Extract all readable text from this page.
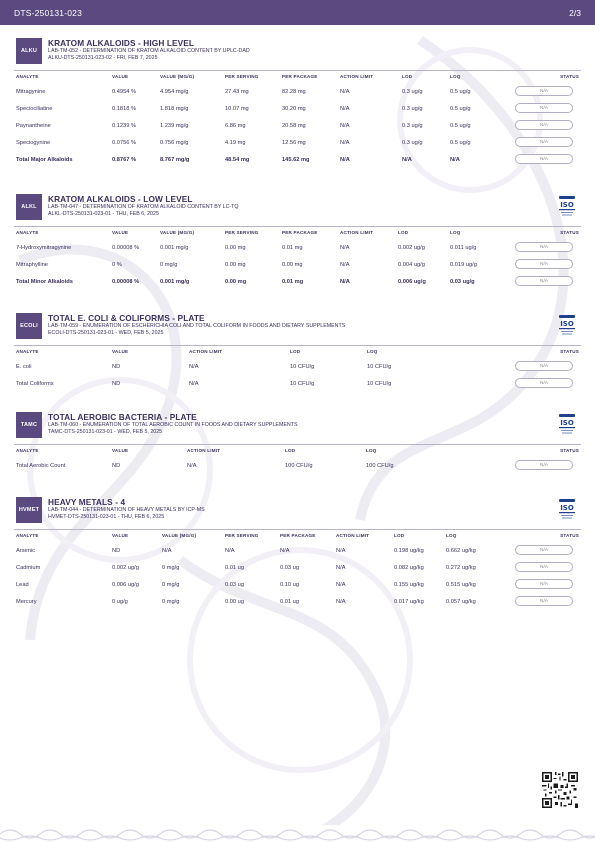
DTS-250131-023	2/3
ALKU
KRATOM ALKALOIDS - HIGH LEVEL
LAB-TM-052 - DETERMINATION OF KRATOM ALKALOID CONTENT BY UPLC-DAD
ALKU-DTS-250131-023-02 - FRI, FEB 7, 2025
ANALYTE	VALUE	VALUE (MG/G)	PER SERVING	PER PACKAGE	ACTION LIMIT	LOD	LOQ	STATUS
Mitragynine	0.4954 %	4.954 mg/g	27.43 mg	82.28 mg	N/A	0.3 ug/g	0.5 ug/g	N/A
Speciociliatine	0.1818 %	1.818 mg/g	10.07 mg	30.20 mg	N/A	0.3 ug/g	0.5 ug/g	N/A
Paynantheine	0.1239 %	1.239 mg/g	6.86 mg	20.58 mg	N/A	0.3 ug/g	0.5 ug/g	N/A
Speciogynine	0.0756 %	0.756 mg/g	4.19 mg	12.56 mg	N/A	0.3 ug/g	0.5 ug/g	N/A
Total Major Alkaloids	0.8767 %	8.767 mg/g	48.54 mg	145.62 mg	N/A	N/A	N/A	N/A
ALKL
KRATOM ALKALOIDS - LOW LEVEL
LAB-TM-047 - DETERMINATION OF KRATOM ALKALOID CONTENT BY LC-TQ
ALKL-DTS-250131-023-01 - THU, FEB 6, 2025
ISO
ANALYTE	VALUE	VALUE (MG/G)	PER SERVING	PER PACKAGE	ACTION LIMIT	LOD	LOQ	STATUS
7-Hydroxymitragynine	0.00008 %	0.001 mg/g	0.00 mg	0.01 mg	N/A	0.002 ug/g	0.011 ug/g	N/A
Mitraphylline	0 %	0 mg/g	0.00 mg	0.00 mg	N/A	0.004 ug/g	0.019 ug/g	N/A
Total Minor Alkaloids	0.00008 %	0.001 mg/g	0.00 mg	0.01 mg	N/A	0.006 ug/g	0.03 ug/g	N/A
ECOLI
TOTAL E. COLI & COLIFORMS - PLATE
LAB-TM-059 - ENUMERATION OF ESCHERICHIA COLI AND TOTAL COLIFORM IN FOODS AND DIETARY SUPPLEMENTS
ECOLI-DTS-250131-023-01 - WED, FEB 5, 2025
ISO
ANALYTE	VALUE	ACTION LIMIT	LOD	LOQ	STATUS
E. coli	ND	N/A	10 CFU/g	10 CFU/g	N/A
Total Coliforms	ND	N/A	10 CFU/g	10 CFU/g	N/A
TAMC
TOTAL AEROBIC BACTERIA - PLATE
LAB-TM-060 - ENUMERATION OF TOTAL AEROBIC COUNT IN FOODS AND DIETARY SUPPLEMENTS
TAMC-DTS-250131-023-01 - WED, FEB 5, 2025
ISO
ANALYTE	VALUE	ACTION LIMIT	LOD	LOQ	STATUS
Total Aerobic Count	ND	N/A	100 CFU/g	100 CFU/g	N/A
HVMET
HEAVY METALS - 4
LAB-TM-044 - DETERMINATION OF HEAVY METALS BY ICP-MS
HVMET-DTS-250131-023-01 - THU, FEB 6, 2025
ISO
ANALYTE	VALUE	VALUE (MG/G)	PER SERVING	PER PACKAGE	ACTION LIMIT	LOD	LOQ	STATUS
Arsenic	ND	N/A	N/A	N/A	N/A	0.198 ug/kg	0.662 ug/kg	N/A
Cadmium	0.002 ug/g	0 mg/g	0.01 ug	0.03 ug	N/A	0.082 ug/kg	0.272 ug/kg	N/A
Lead	0.006 ug/g	0 mg/g	0.03 ug	0.10 ug	N/A	0.155 ug/kg	0.515 ug/kg	N/A
Mercury	0 ug/g	0 mg/g	0.00 ug	0.01 ug	N/A	0.017 ug/kg	0.057 ug/kg	N/A
